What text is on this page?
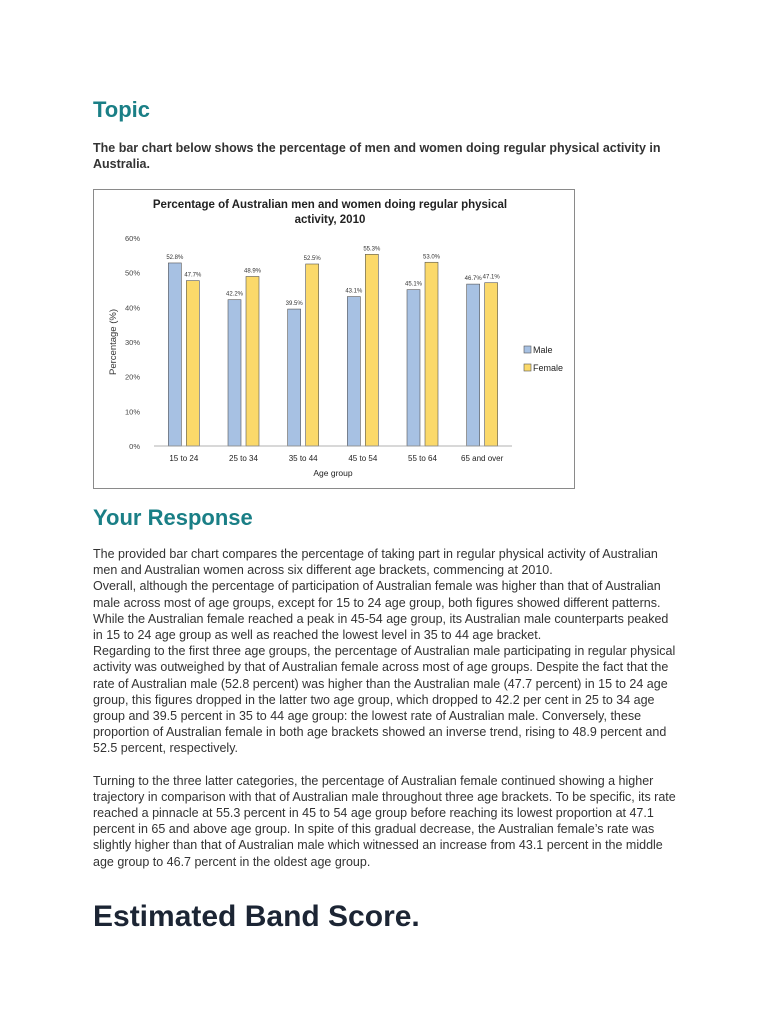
Topic

The bar chart below shows the percentage of men and women doing regular physical activity in Australia.

Percentage of Australian men and women doing regular physical
activity, 2010
0%
10%
20%
30%
40%
50%
60%
Percentage (%)
52.8%
47.7%
15 to 24
42.2%
48.9%
25 to 34
39.5%
52.5%
35 to 44
43.1%
55.3%
45 to 54
45.1%
53.0%
55 to 64
46.7% 47.1%
65 and over
Age group
Male
Female
Your Response

The provided bar chart compares the percentage of taking part in regular physical activity of Australian men and Australian women across six different age brackets, commencing at 2010.

Overall, although the percentage of participation of Australian female was higher than that of Australian male across most of age groups, except for 15 to 24 age group, both figures showed different patterns. While the Australian female reached a peak in 45-54 age group, its Australian male counterparts peaked in 15 to 24 age group as well as reached the lowest level in 35 to 44 age bracket.

Regarding to the first three age groups, the percentage of Australian male participating in regular physical activity was outweighed by that of Australian female across most of age groups. Despite the fact that the rate of Australian male (52.8 percent) was higher than the Australian male (47.7 percent) in 15 to 24 age group, this figures dropped in the latter two age group, which dropped to 42.2 per cent in 25 to 34 age group and 39.5 percent in 35 to 44 age group: the lowest rate of Australian male. Conversely, these proportion of Australian female in both age brackets showed an inverse trend, rising to 48.9 percent and 52.5 percent, respectively.

Turning to the three latter categories, the percentage of Australian female continued showing a higher trajectory in comparison with that of Australian male throughout three age brackets. To be specific, its rate reached a pinnacle at 55.3 percent in 45 to 54 age group before reaching its lowest proportion at 47.1 percent in 65 and above age group. In spite of this gradual decrease, the Australian female’s rate was slightly higher than that of Australian male which witnessed an increase from 43.1 percent in the middle age group to 46.7 percent in the oldest age group.

Estimated Band Score.
